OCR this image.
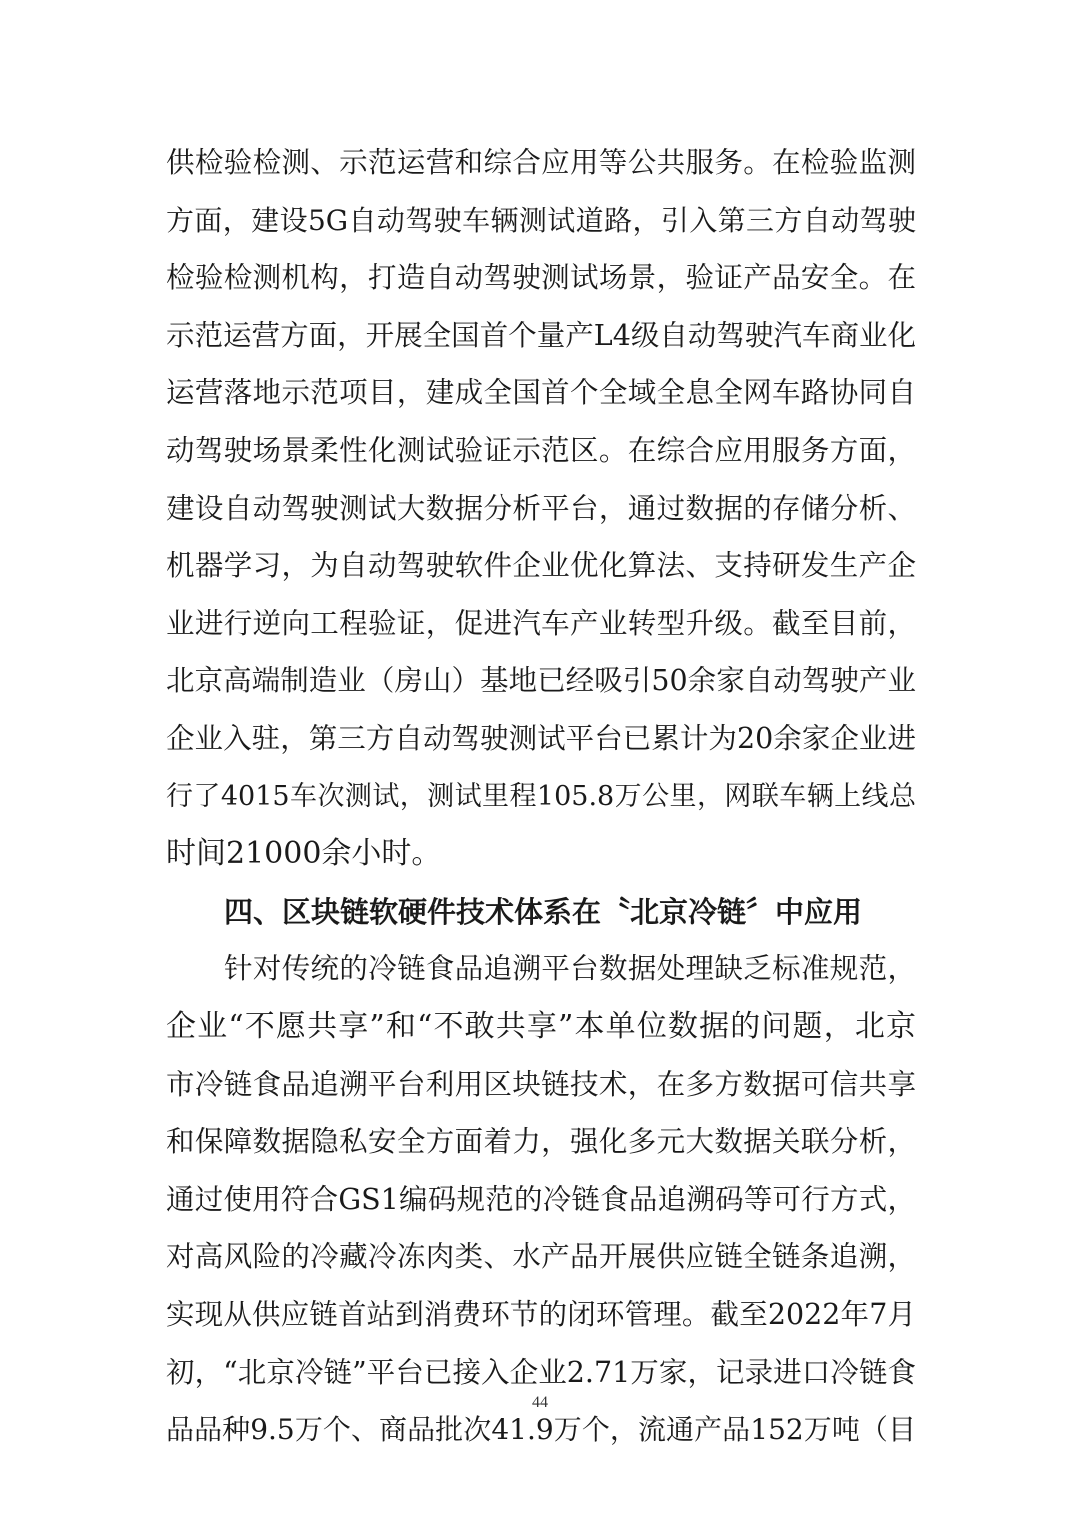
供检验检测、示范运营和综合应用等公共服务。在检验监测
方面，建设5G自动驾驶车辆测试道路，引入第三方自动驾驶
检验检测机构，打造自动驾驶测试场景，验证产品安全。在
示范运营方面，开展全国首个量产L4级自动驾驶汽车商业化
运营落地示范项目，建成全国首个全域全息全网车路协同自
动驾驶场景柔性化测试验证示范区。在综合应用服务方面，
建设自动驾驶测试大数据分析平台，通过数据的存储分析、
机器学习，为自动驾驶软件企业优化算法、支持研发生产企
业进行逆向工程验证，促进汽车产业转型升级。截至目前，
北京高端制造业（房山）基地已经吸引50余家自动驾驶产业
企业入驻，第三方自动驾驶测试平台已累计为20余家企业进
行了4015车次测试，测试里程105.8万公里，网联车辆上线总
时间21000余小时。
四、区块链软硬件技术体系在〝北京冷链〞中应用
针对传统的冷链食品追溯平台数据处理缺乏标准规范，
企业“不愿共享”和“不敢共享”本单位数据的问题，北京
市冷链食品追溯平台利用区块链技术，在多方数据可信共享
和保障数据隐私安全方面着力，强化多元大数据关联分析，
通过使用符合GS1编码规范的冷链食品追溯码等可行方式，
对高风险的冷藏冷冻肉类、水产品开展供应链全链条追溯，
实现从供应链首站到消费环节的闭环管理。截至2022年7月
初，“北京冷链”平台已接入企业2.71万家，记录进口冷链食
品品种9.5万个、商品批次41.9万个，流通产品152万吨（目
44
